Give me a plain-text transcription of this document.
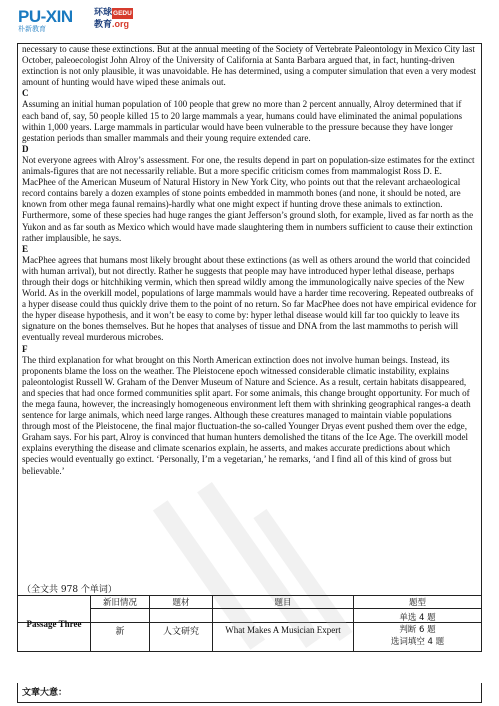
PU-XIN
朴新教育
环球GEDU
教育.org

necessary to cause these extinctions. But at the annual meeting of the Society of Vertebrate Paleontology in Mexico City last October, paleoecologist John Alroy of the University of California at Santa Barbara argued that, in fact, hunting-driven extinction is not only plausible, it was unavoidable. He has determined, using a computer simulation that even a very modest amount of hunting would have wiped these animals out.

C

Assuming an initial human population of 100 people that grew no more than 2 percent annually, Alroy determined that if each band of, say, 50 people killed 15 to 20 large mammals a year, humans could have eliminated the animal populations within 1,000 years. Large mammals in particular would have been vulnerable to the pressure because they have longer gestation periods than smaller mammals and their young require extended care.

D

Not everyone agrees with Alroy’s assessment. For one, the results depend in part on population-size estimates for the extinct animals-figures that are not necessarily reliable. But a more specific criticism comes from mammalogist Ross D. E. MacPhee of the American Museum of Natural History in New York City, who points out that the relevant archaeological record contains barely a dozen examples of stone points embedded in mammoth bones (and none, it should be noted, are known from other mega faunal remains)-hardly what one might expect if hunting drove these animals to extinction. Furthermore, some of these species had huge ranges the giant Jefferson’s ground sloth, for example, lived as far north as the Yukon and as far south as Mexico which would have made slaughtering them in numbers sufficient to cause their extinction rather implausible, he says.

E

MacPhee agrees that humans most likely brought about these extinctions (as well as others around the world that coincided with human arrival), but not directly. Rather he suggests that people may have introduced hyper lethal disease, perhaps through their dogs or hitchhiking vermin, which then spread wildly among the immunologically naive species of the New World. As in the overkill model, populations of large mammals would have a harder time recovering. Repeated outbreaks of a hyper disease could thus quickly drive them to the point of no return. So far MacPhee does not have empirical evidence for the hyper disease hypothesis, and it won’t be easy to come by: hyper lethal disease would kill far too quickly to leave its signature on the bones themselves. But he hopes that analyses of tissue and DNA from the last mammoths to perish will eventually reveal murderous microbes.

F

The third explanation for what brought on this North American extinction does not involve human beings. Instead, its proponents blame the loss on the weather. The Pleistocene epoch witnessed considerable climatic instability, explains paleontologist Russell W. Graham of the Denver Museum of Nature and Science. As a result, certain habitats disappeared, and species that had once formed communities split apart. For some animals, this change brought opportunity. For much of the mega fauna, however, the increasingly homogeneous environment left them with shrinking geographical ranges-a death sentence for large animals, which need large ranges. Although these creatures managed to maintain viable populations through most of the Pleistocene, the final major fluctuation-the so-called Younger Dryas event pushed them over the edge, Graham says. For his part, Alroy is convinced that human hunters demolished the titans of the Ice Age. The overkill model explains everything the disease and climate scenarios explain, he asserts, and makes accurate predictions about which species would eventually go extinct. ‘Personally, I’m a vegetarian,’ he remarks, ‘and I find all of this kind of gross but believable.’

（全文共 978 个单词）
Passage Three	新旧情况	题材	题目	题型
	新	人文研究	What Makes A Musician Expert	单选 4 题
判断 6 题
选词填空 4 题
文章大意：
